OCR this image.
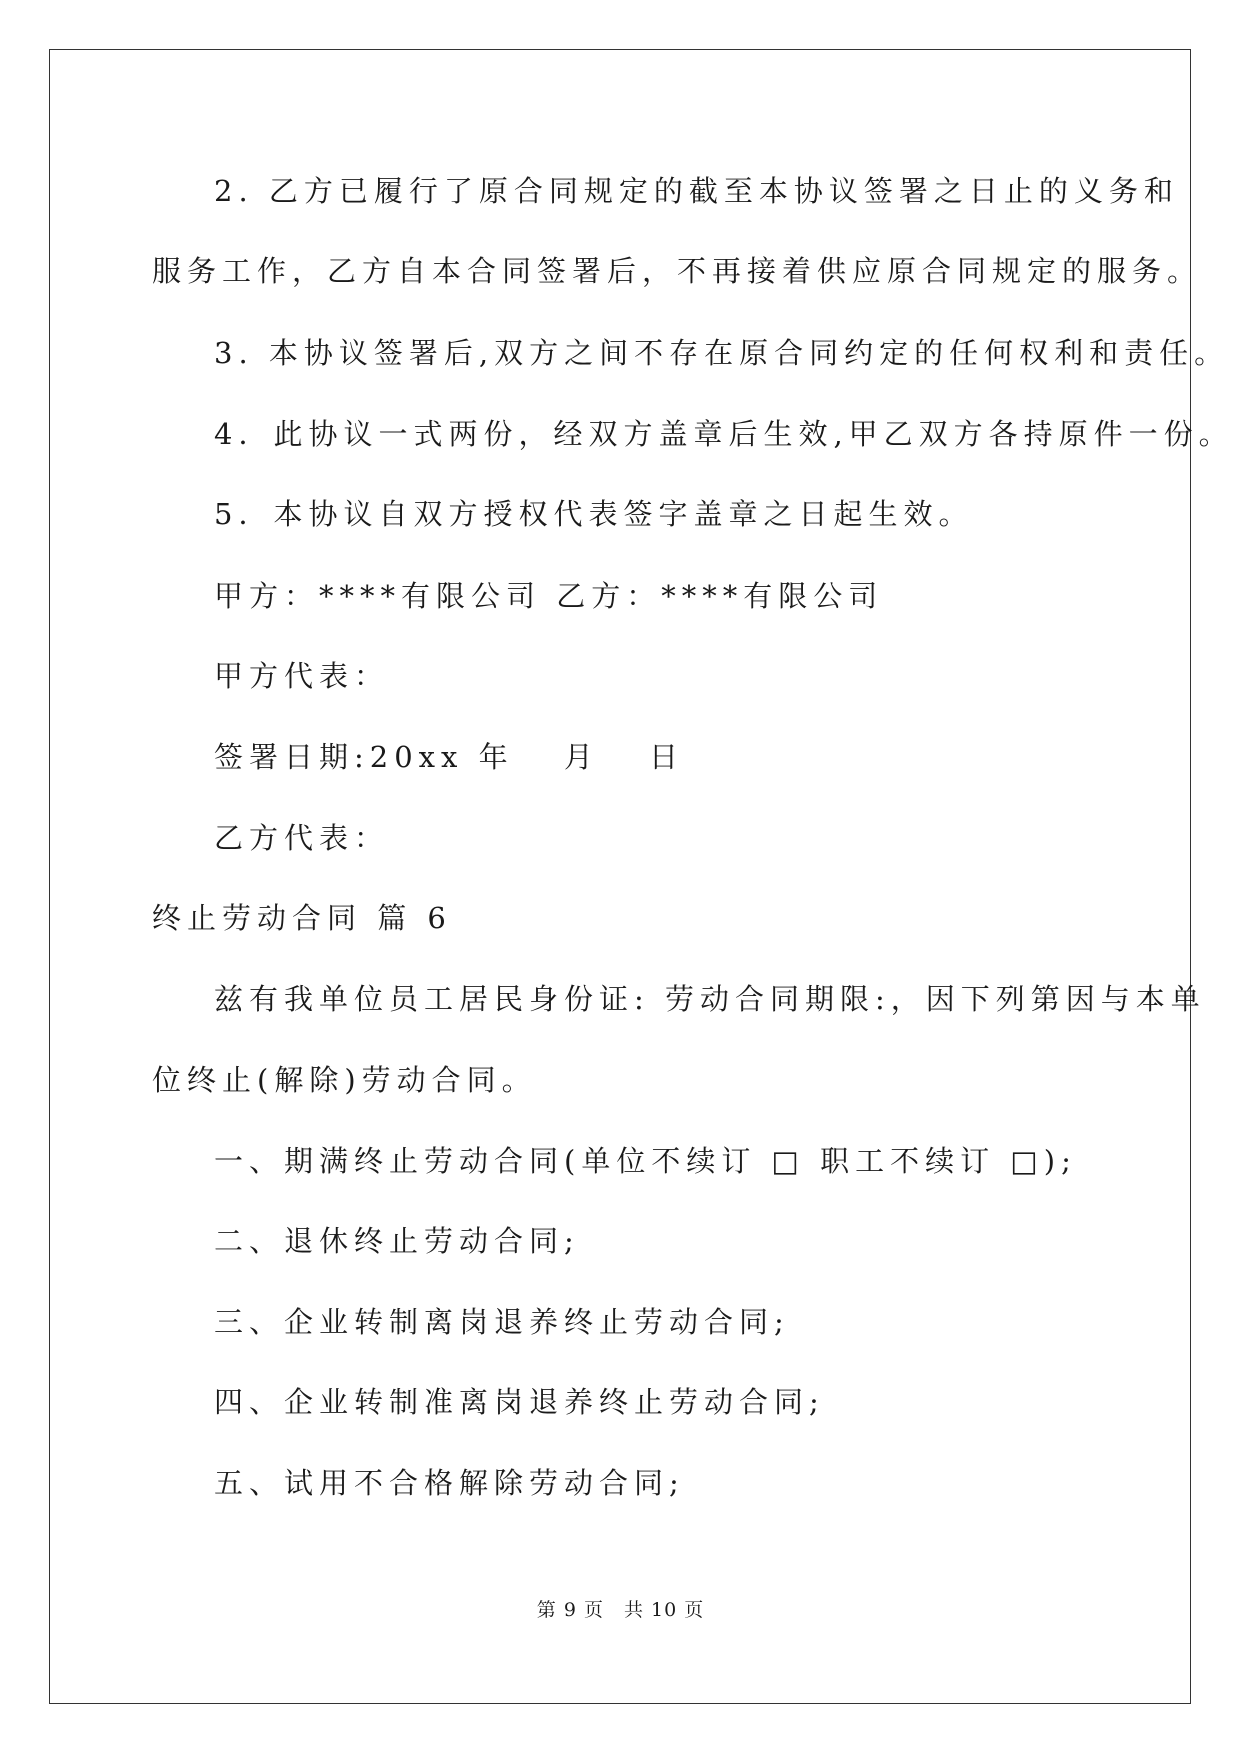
2. 乙方已履行了原合同规定的截至本协议签署之日止的义务和
服务工作，乙方自本合同签署后，不再接着供应原合同规定的服务。
3. 本协议签署后,双方之间不存在原合同约定的任何权利和责任。
4．此协议一式两份，经双方盖章后生效,甲乙双方各持原件一份。
5．本协议自双方授权代表签字盖章之日起生效。
甲方：****有限公司 乙方：****有限公司
甲方代表：
签署日期:20xx 年　 月　 日
乙方代表：
终止劳动合同 篇 6
兹有我单位员工居民身份证: 劳动合同期限:，因下列第因与本单
位终止(解除)劳动合同。
一、期满终止劳动合同(单位不续订 □ 职工不续订 □);
二、退休终止劳动合同;
三、企业转制离岗退养终止劳动合同;
四、企业转制准离岗退养终止劳动合同;
五、试用不合格解除劳动合同;
第 9 页　共 10 页
